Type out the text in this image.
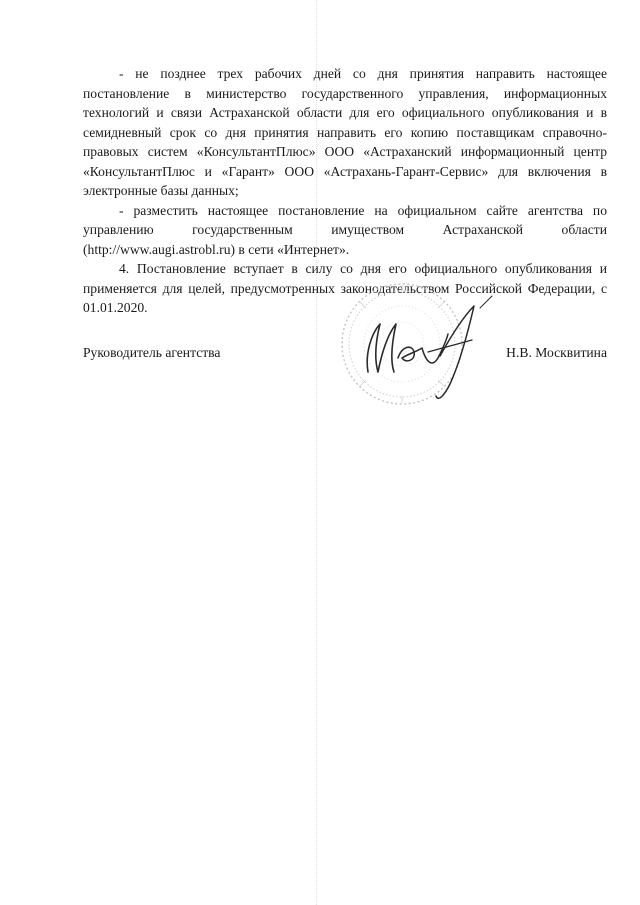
- не позднее трех рабочих дней со дня принятия направить настоящее постановление в министерство государственного управления, информационных технологий и связи Астраханской области для его официального опубликования и в семидневный срок со дня принятия направить его копию поставщикам справочно-правовых систем «КонсультантПлюс» ООО «Астраханский информационный центр «КонсультантПлюс и «Гарант» ООО «Астрахань-Гарант-Сервис» для включения в электронные базы данных;

- разместить настоящее постановление на официальном сайте агентства по управлению государственным имуществом Астраханской области (http://www.augi.astrobl.ru) в сети «Интернет».

4. Постановление вступает в силу со дня его официального опубликования и применяется для целей, предусмотренных законодательством Российской Федерации, с 01.01.2020.

Руководитель агентства	Н.В. Москвитина
